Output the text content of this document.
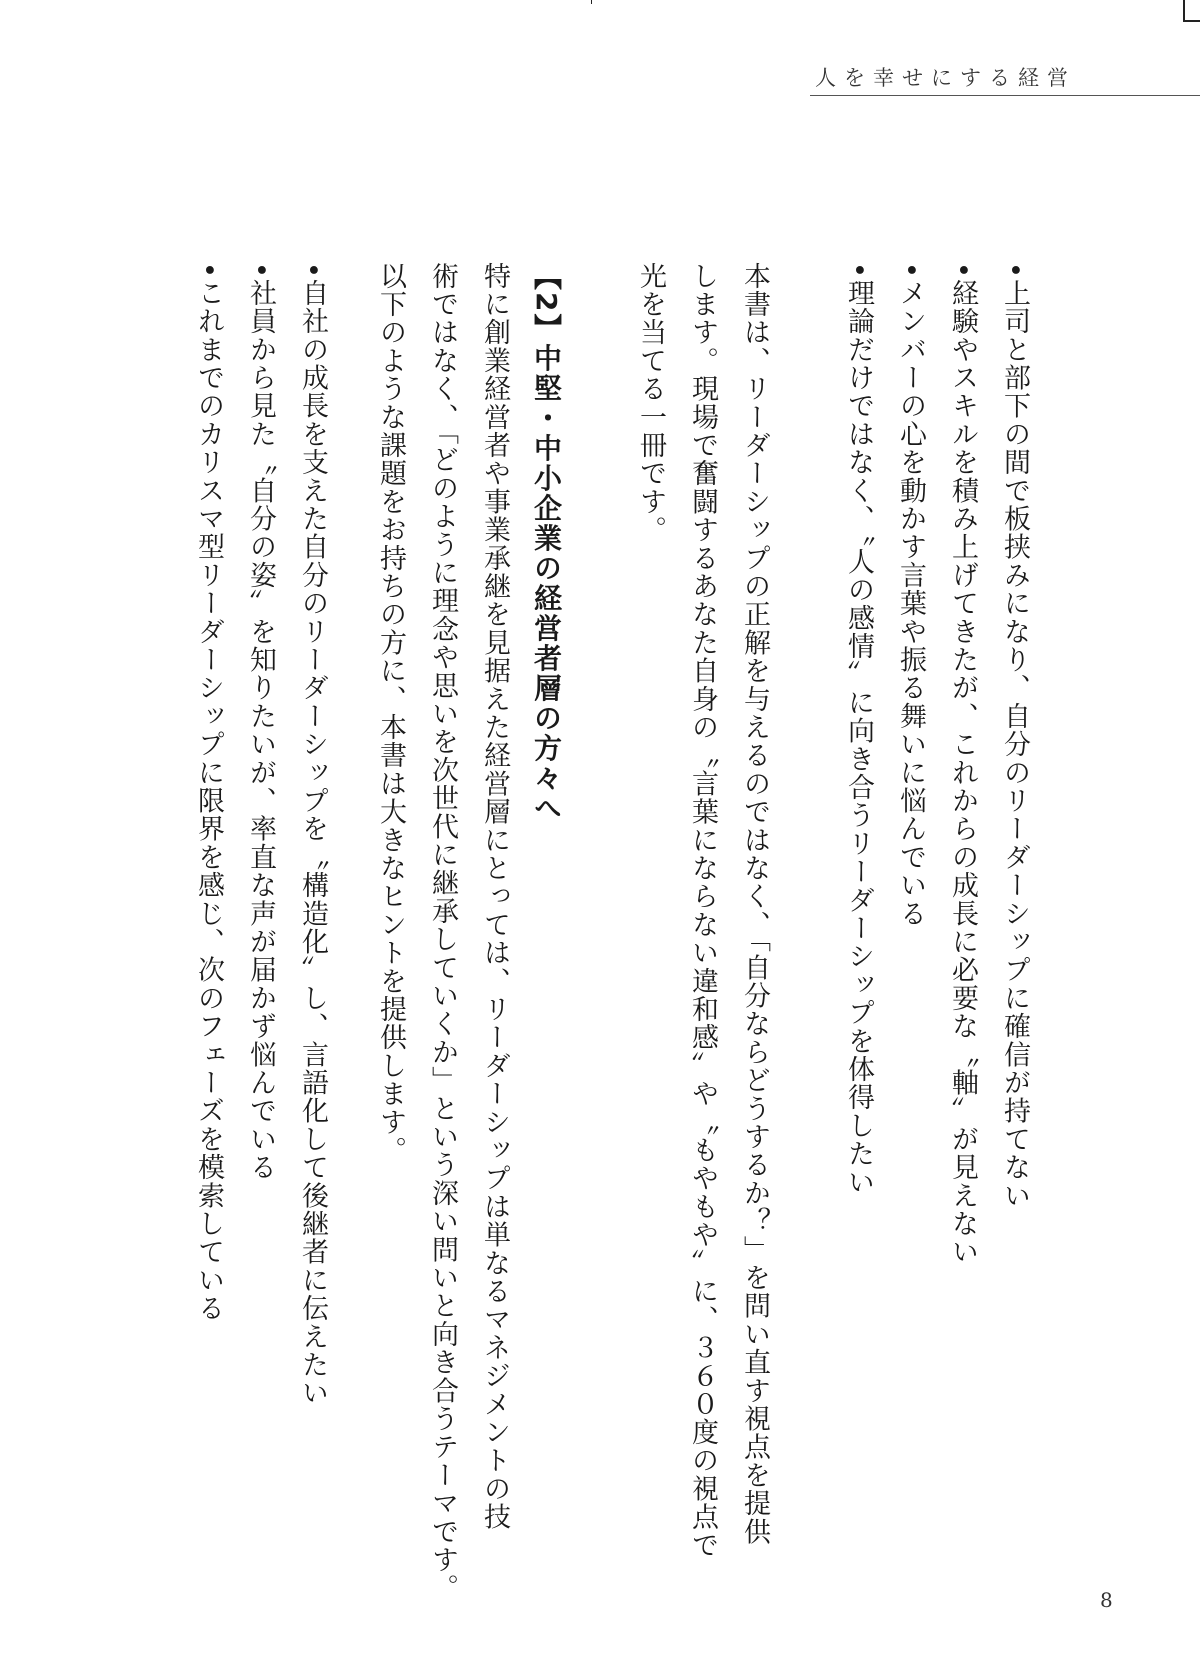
人を幸せにする経営
•上司と部下の間で板挟みになり、自分のリーダーシップに確信が持てない
•経験やスキルを積み上げてきたが、これからの成長に必要な〝軸〟が見えない
•メンバーの心を動かす言葉や振る舞いに悩んでいる
•理論だけではなく、〝人の感情〟に向き合うリーダーシップを体得したい
本書は、リーダーシップの正解を与えるのではなく、「自分ならどうするか？」を問い直す視点を提供
します。現場で奮闘するあなた自身の〝言葉にならない違和感〟や〝もやもや〟に、３６０度の視点で
光を当てる一冊です。
【2】中堅・中小企業の経営者層の方々へ
特に創業経営者や事業承継を見据えた経営層にとっては、リーダーシップは単なるマネジメントの技
術ではなく、「どのように理念や思いを次世代に継承していくか」という深い問いと向き合うテーマです。
以下のような課題をお持ちの方に、本書は大きなヒントを提供します。
•自社の成長を支えた自分のリーダーシップを〝構造化〟し、言語化して後継者に伝えたい
•社員から見た〝自分の姿〟を知りたいが、率直な声が届かず悩んでいる
•これまでのカリスマ型リーダーシップに限界を感じ、次のフェーズを模索している
8
